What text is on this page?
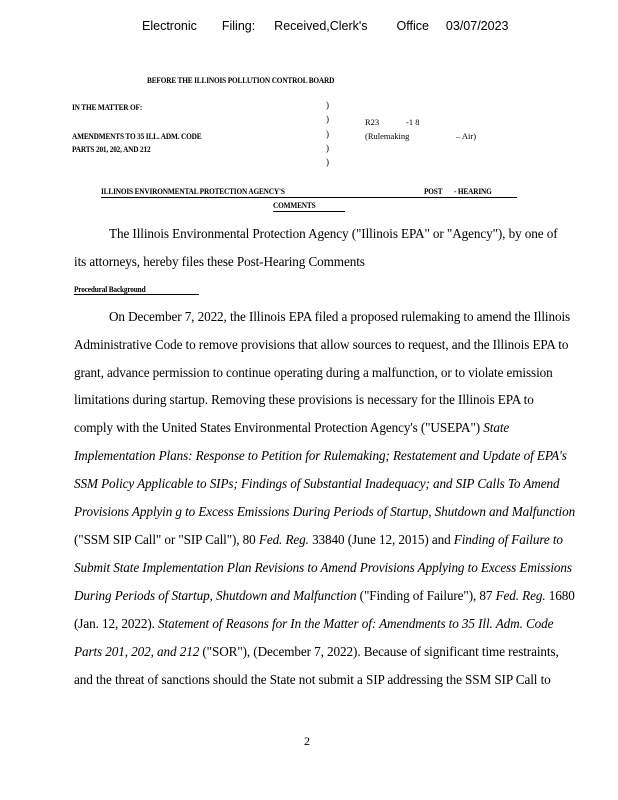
Electronic Filing: Received,Clerk's Office 03/07/2023
BEFORE THE ILLINOIS POLLUTION CONTROL BOARD
IN THE MATTER OF:
AMENDMENTS TO 35 ILL. ADM. CODE
PARTS 201, 202, AND 212
)
)
)
)
)
R23	-1 8
(Rulemaking	– Air)
ILLINOIS ENVIRONMENTAL PROTECTION AGENCY'S	POST - HEARING
COMMENTS
The Illinois Environmental Protection Agency ("Illinois EPA" or "Agency"), by one of
its attorneys, hereby files these Post-Hearing Comments
Procedural Background
On December 7, 2022, the Illinois EPA filed a proposed rulemaking to amend the Illinois
Administrative Code to remove provisions that allow sources to request, and the Illinois EPA to
grant, advance permission to continue operating during a malfunction, or to violate emission
limitations during startup. Removing these provisions is necessary for the Illinois EPA to
comply with the United States Environmental Protection Agency's ("USEPA") State
Implementation Plans: Response to Petition for Rulemaking; Restatement and Update of EPA's
SSM Policy Applicable to SIPs; Findings of Substantial Inadequacy; and SIP Calls To Amend
Provisions Applyin g to Excess Emissions During Periods of Startup, Shutdown and Malfunction
("SSM SIP Call" or "SIP Call"), 80 Fed. Reg. 33840 (June 12, 2015) and Finding of Failure to
Submit State Implementation Plan Revisions to Amend Provisions Applying to Excess Emissions
During Periods of Startup, Shutdown and Malfunction ("Finding of Failure"), 87 Fed. Reg. 1680
(Jan. 12, 2022). Statement of Reasons for In the Matter of: Amendments to 35 Ill. Adm. Code
Parts 201, 202, and 212 ("SOR"), (December 7, 2022). Because of significant time restraints,
and the threat of sanctions should the State not submit a SIP addressing the SSM SIP Call to
2
